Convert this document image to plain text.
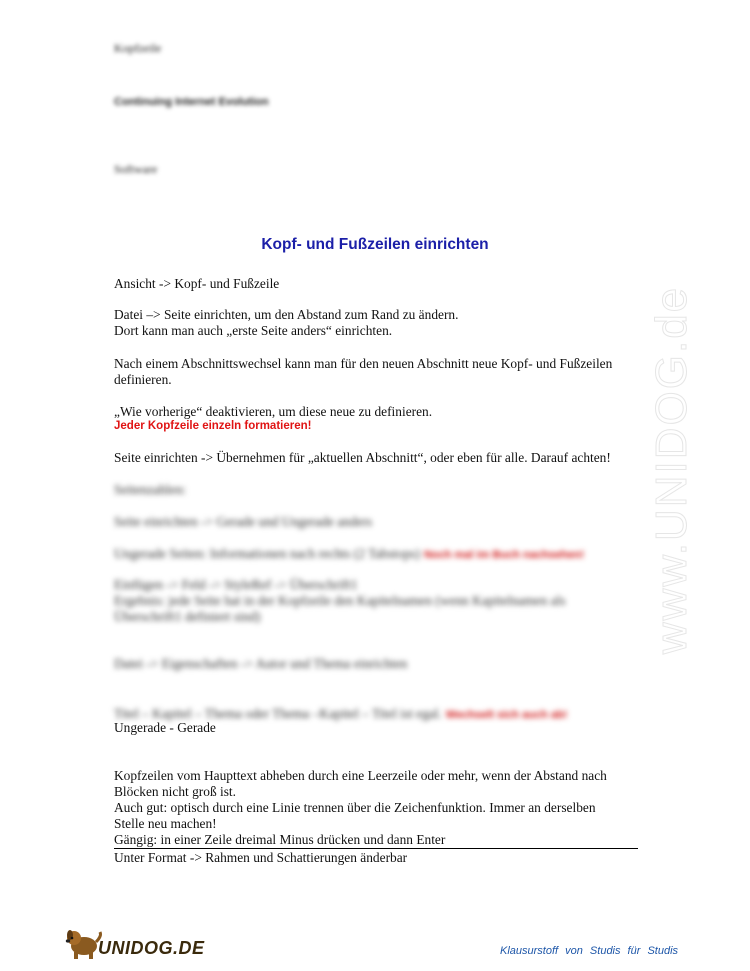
Kopfzeile
Continuing Internet Evolution
Software
www.UNIDOG.de
Kopf- und Fußzeilen einrichten
Ansicht -> Kopf- und Fußzeile
Datei –> Seite einrichten, um den Abstand zum Rand zu ändern.
Dort kann man auch „erste Seite anders“ einrichten.
Nach einem Abschnittswechsel kann man für den neuen Abschnitt neue Kopf- und Fußzeilen
definieren.
„Wie vorherige“ deaktivieren, um diese neue zu definieren.
Jeder Kopfzeile einzeln formatieren!
Seite einrichten -> Übernehmen für „aktuellen Abschnitt“, oder eben für alle. Darauf achten!
Seitenzahlen:
Seite einrichten -> Gerade und Ungerade anders
Ungerade Seiten: Informationen nach rechts (2 Tabstops) Noch mal im Buch nachsehen!
Einfügen -> Feld -> StyleRef -> Überschrift1
Ergebnis: jede Seite hat in der Kopfzeile den Kapitelnamen (wenn Kapitelnamen als
Überschrift1 definiert sind)
Datei -> Eigenschaften -> Autor und Thema einrichten
Titel – Kapitel – Thema oder Thema –Kapitel – Titel ist egal. Wechselt sich auch ab!
Ungerade - Gerade
Kopfzeilen vom Haupttext abheben durch eine Leerzeile oder mehr, wenn der Abstand nach
Blöcken nicht groß ist.
Auch gut: optisch durch eine Linie trennen über die Zeichenfunktion. Immer an derselben
Stelle neu machen!
Gängig: in einer Zeile dreimal Minus drücken und dann Enter
Unter Format -> Rahmen und Schattierungen änderbar
UNIDOG.DE	Klausurstoff von Studis für Studis
